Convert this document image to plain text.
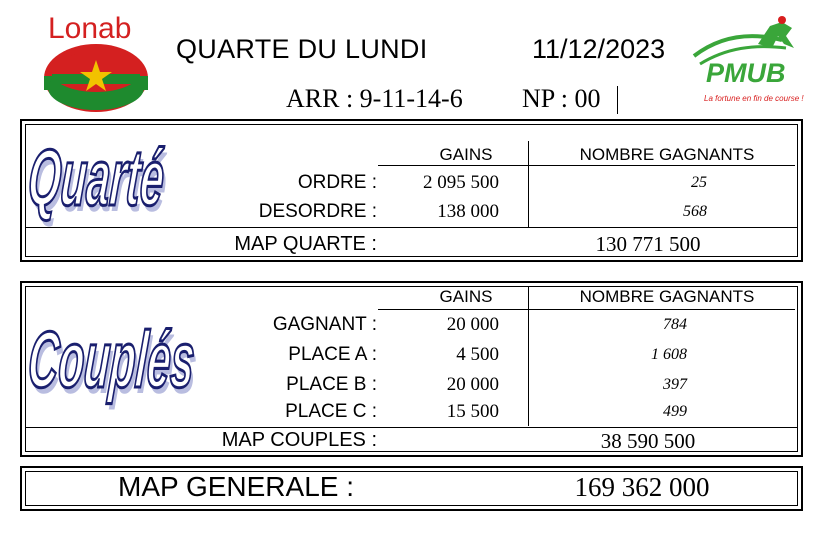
Lonab
QUARTE DU LUNDI	11/12/2023
ARR : 9-11-14-6 NP : 00
PMUB
La fortune en fin de course !
Quarté	GAINS	NOMBRE GAGNANTS
ORDRE :	2 095 500	25
DESORDRE :	138 000	568
MAP QUARTE :	130 771 500
Couplés
GAINS	NOMBRE GAGNANTS
GAGNANT :	20 000	784
PLACE A :	4 500	1 608
PLACE B :	20 000	397
PLACE C :	15 500	499
MAP COUPLES :	38 590 500
MAP GENERALE :	169 362 000
